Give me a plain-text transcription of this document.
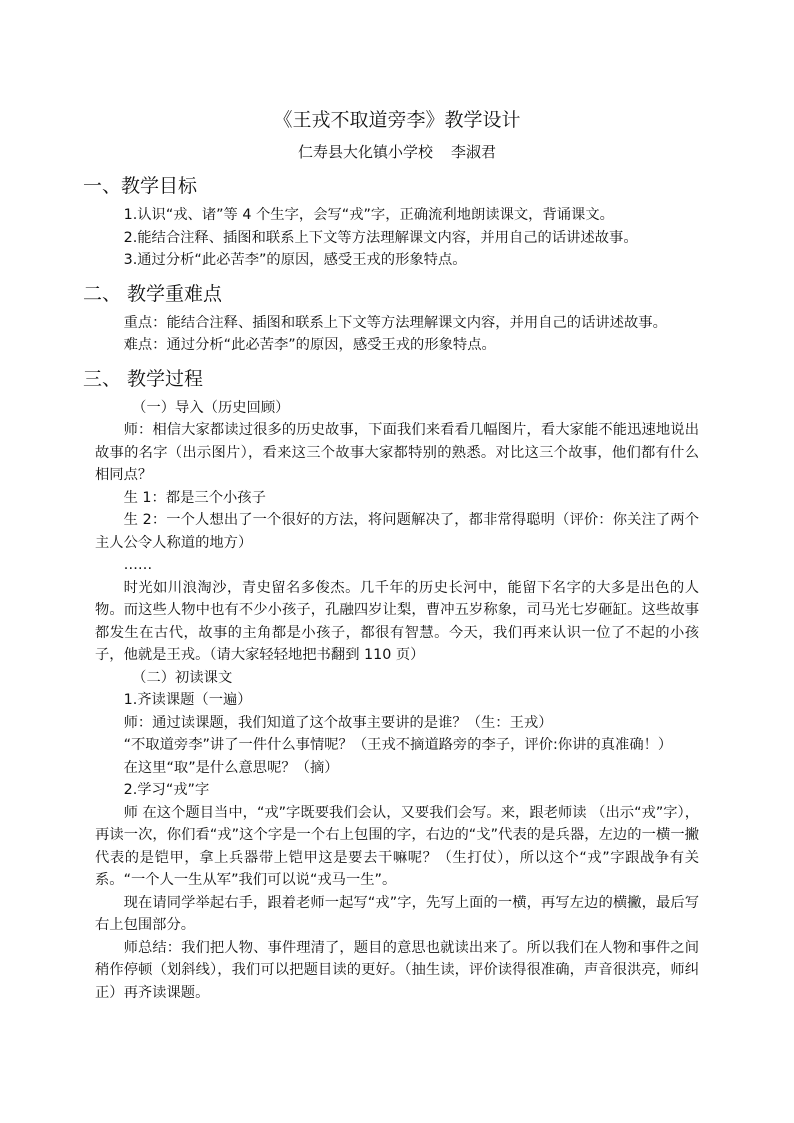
《王戎不取道旁李》教学设计
仁寿县大化镇小学校 李淑君
一、教学目标

1.认识“戎、诸”等 4 个生字，会写“戎”字，正确流利地朗读课文，背诵课文。

2.能结合注释、插图和联系上下文等方法理解课文内容，并用自己的话讲述故事。

3.通过分析“此必苦李”的原因，感受王戎的形象特点。

二、 教学重难点

重点：能结合注释、插图和联系上下文等方法理解课文内容，并用自己的话讲述故事。

难点：通过分析“此必苦李”的原因，感受王戎的形象特点。

三、 教学过程

（一）导入（历史回顾）

师：相信大家都读过很多的历史故事，下面我们来看看几幅图片，看大家能不能迅速地说出故事的名字（出示图片），看来这三个故事大家都特别的熟悉。对比这三个故事，他们都有什么相同点？

生 1：都是三个小孩子

生 2：一个人想出了一个很好的方法，将问题解决了，都非常得聪明（评价：你关注了两个主人公令人称道的地方）

……

时光如川浪淘沙，青史留名多俊杰。几千年的历史长河中，能留下名字的大多是出色的人物。而这些人物中也有不少小孩子，孔融四岁让梨，曹冲五岁称象，司马光七岁砸缸。这些故事都发生在古代，故事的主角都是小孩子，都很有智慧。今天，我们再来认识一位了不起的小孩子，他就是王戎。（请大家轻轻地把书翻到 110 页）

（二）初读课文

1.齐读课题（一遍）

师：通过读课题，我们知道了这个故事主要讲的是谁？（生：王戎）

“不取道旁李”讲了一件什么事情呢？（王戎不摘道路旁的李子，评价:你讲的真准确！）

在这里“取”是什么意思呢？（摘）

2.学习“戎”字

师 在这个题目当中，“戎”字既要我们会认，又要我们会写。来，跟老师读 （出示“戎”字），再读一次，你们看“戎”这个字是一个右上包围的字，右边的“戈”代表的是兵器，左边的一横一撇代表的是铠甲，拿上兵器带上铠甲这是要去干嘛呢？（生打仗），所以这个“戎”字跟战争有关系。“一个人一生从军”我们可以说“戎马一生”。

现在请同学举起右手，跟着老师一起写“戎”字，先写上面的一横，再写左边的横撇，最后写右上包围部分。

师总结：我们把人物、事件理清了，题目的意思也就读出来了。所以我们在人物和事件之间稍作停顿（划斜线），我们可以把题目读的更好。（抽生读，评价读得很准确，声音很洪亮，师纠正）再齐读课题。
